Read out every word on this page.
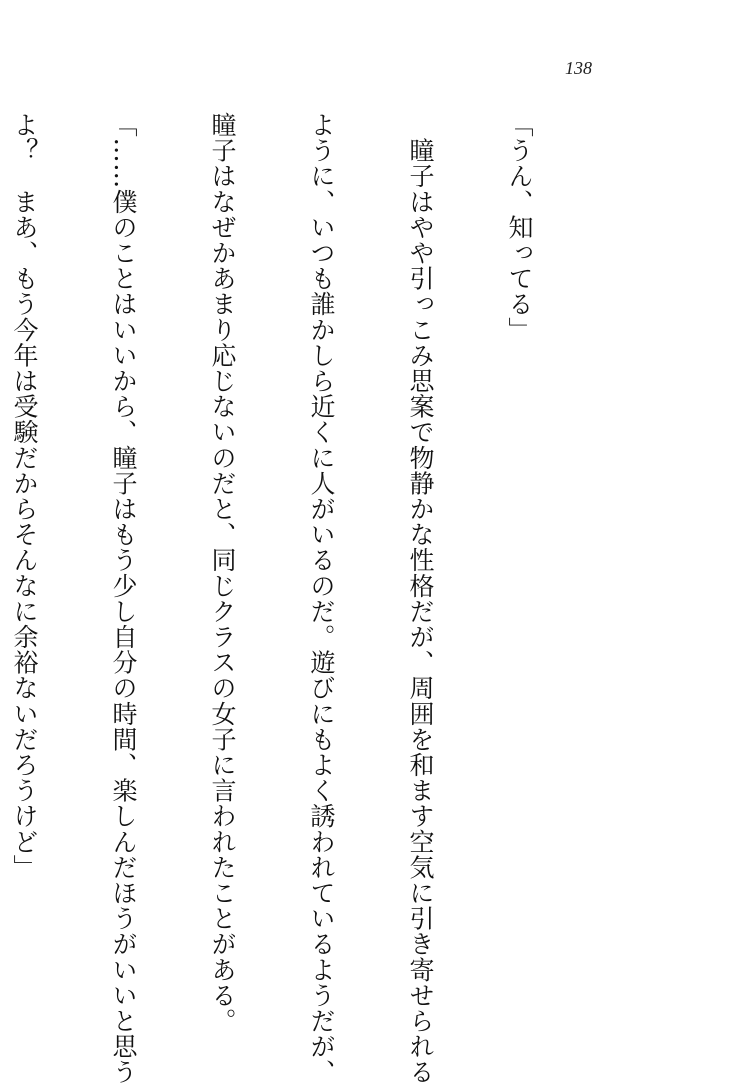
138

「うん、知ってる」

　瞳子はやや引っこみ思案で物静かな性格だが、周囲を和ます空気に引き寄せられる

ように、いつも誰かしら近くに人がいるのだ。遊びにもよく誘われているようだが、

瞳子はなぜかあまり応じないのだと、同じクラスの女子に言われたことがある。

「……僕のことはいいから、瞳子はもう少し自分の時間、楽しんだほうがいいと思う

よ？　まあ、もう今年は受験だからそんなに余裕ないだろうけど」
